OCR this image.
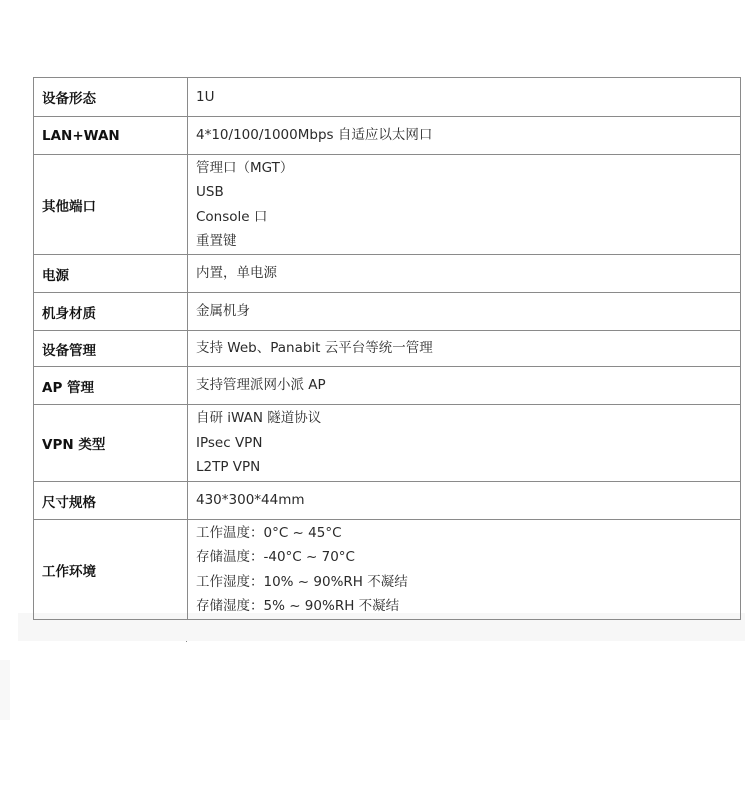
设备形态	1U

LAN+WAN	4*10/100/1000Mbps 自适应以太网口

其他端口	管理口（MGT）
USB
Console 口
重置键

电源	内置，单电源

机身材质	金属机身

设备管理	支持 Web、Panabit 云平台等统一管理

AP 管理	支持管理派网小派 AP

VPN 类型	自研 iWAN 隧道协议
IPsec VPN
L2TP VPN

尺寸规格	430*300*44mm

工作环境	工作温度：0°C ~ 45°C
存储温度：-40°C ~ 70°C
工作湿度：10% ~ 90%RH 不凝结
存储湿度：5% ~ 90%RH 不凝结
